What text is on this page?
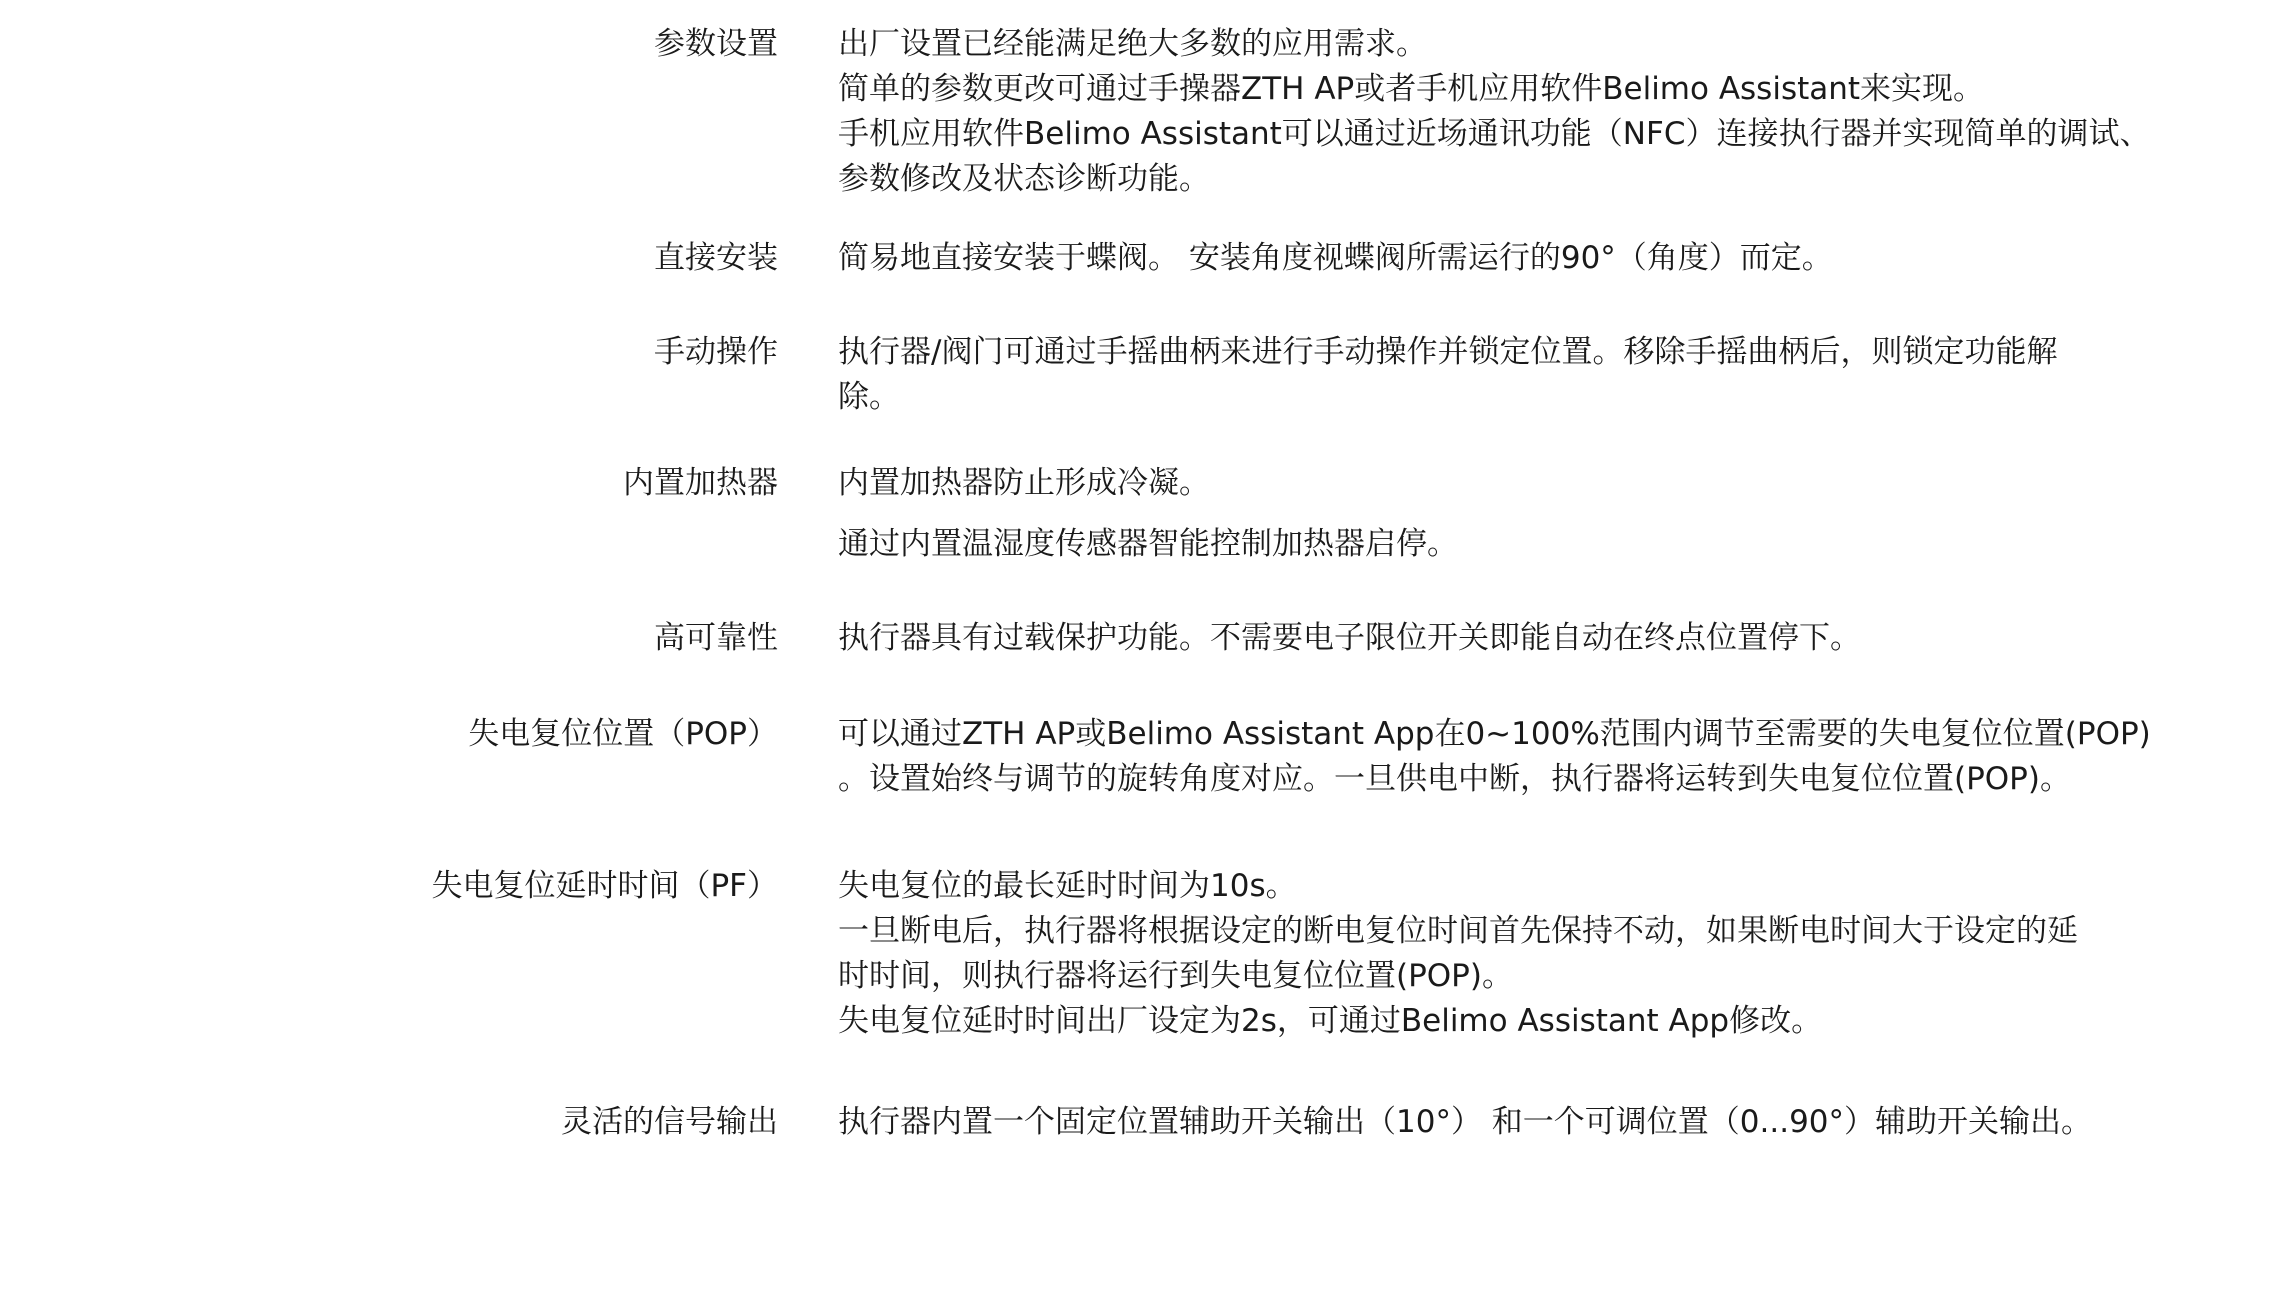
参数设置 出厂设置已经能满足绝大多数的应用需求。
简单的参数更改可通过手操器ZTH AP或者手机应用软件Belimo Assistant来实现。
手机应用软件Belimo Assistant可以通过近场通讯功能（NFC）连接执行器并实现简单的调试、
参数修改及状态诊断功能。
直接安装 简易地直接安装于蝶阀。 安装角度视蝶阀所需运行的90°（角度）而定。
手动操作 执行器/阀门可通过手摇曲柄来进行手动操作并锁定位置。移除手摇曲柄后，则锁定功能解
除。
内置加热器 内置加热器防止形成冷凝。
通过内置温湿度传感器智能控制加热器启停。
高可靠性 执行器具有过载保护功能。不需要电子限位开关即能自动在终点位置停下。
失电复位位置（POP） 可以通过ZTH AP或Belimo Assistant App在0~100%范围内调节至需要的失电复位位置(POP)
。设置始终与调节的旋转角度对应。一旦供电中断，执行器将运转到失电复位位置(POP)。
失电复位延时时间（PF） 失电复位的最长延时时间为10s。
一旦断电后，执行器将根据设定的断电复位时间首先保持不动，如果断电时间大于设定的延
时时间，则执行器将运行到失电复位位置(POP)。
失电复位延时时间出厂设定为2s，可通过Belimo Assistant App修改。
灵活的信号输出 执行器内置一个固定位置辅助开关输出（10°） 和一个可调位置（0...90°）辅助开关输出。
